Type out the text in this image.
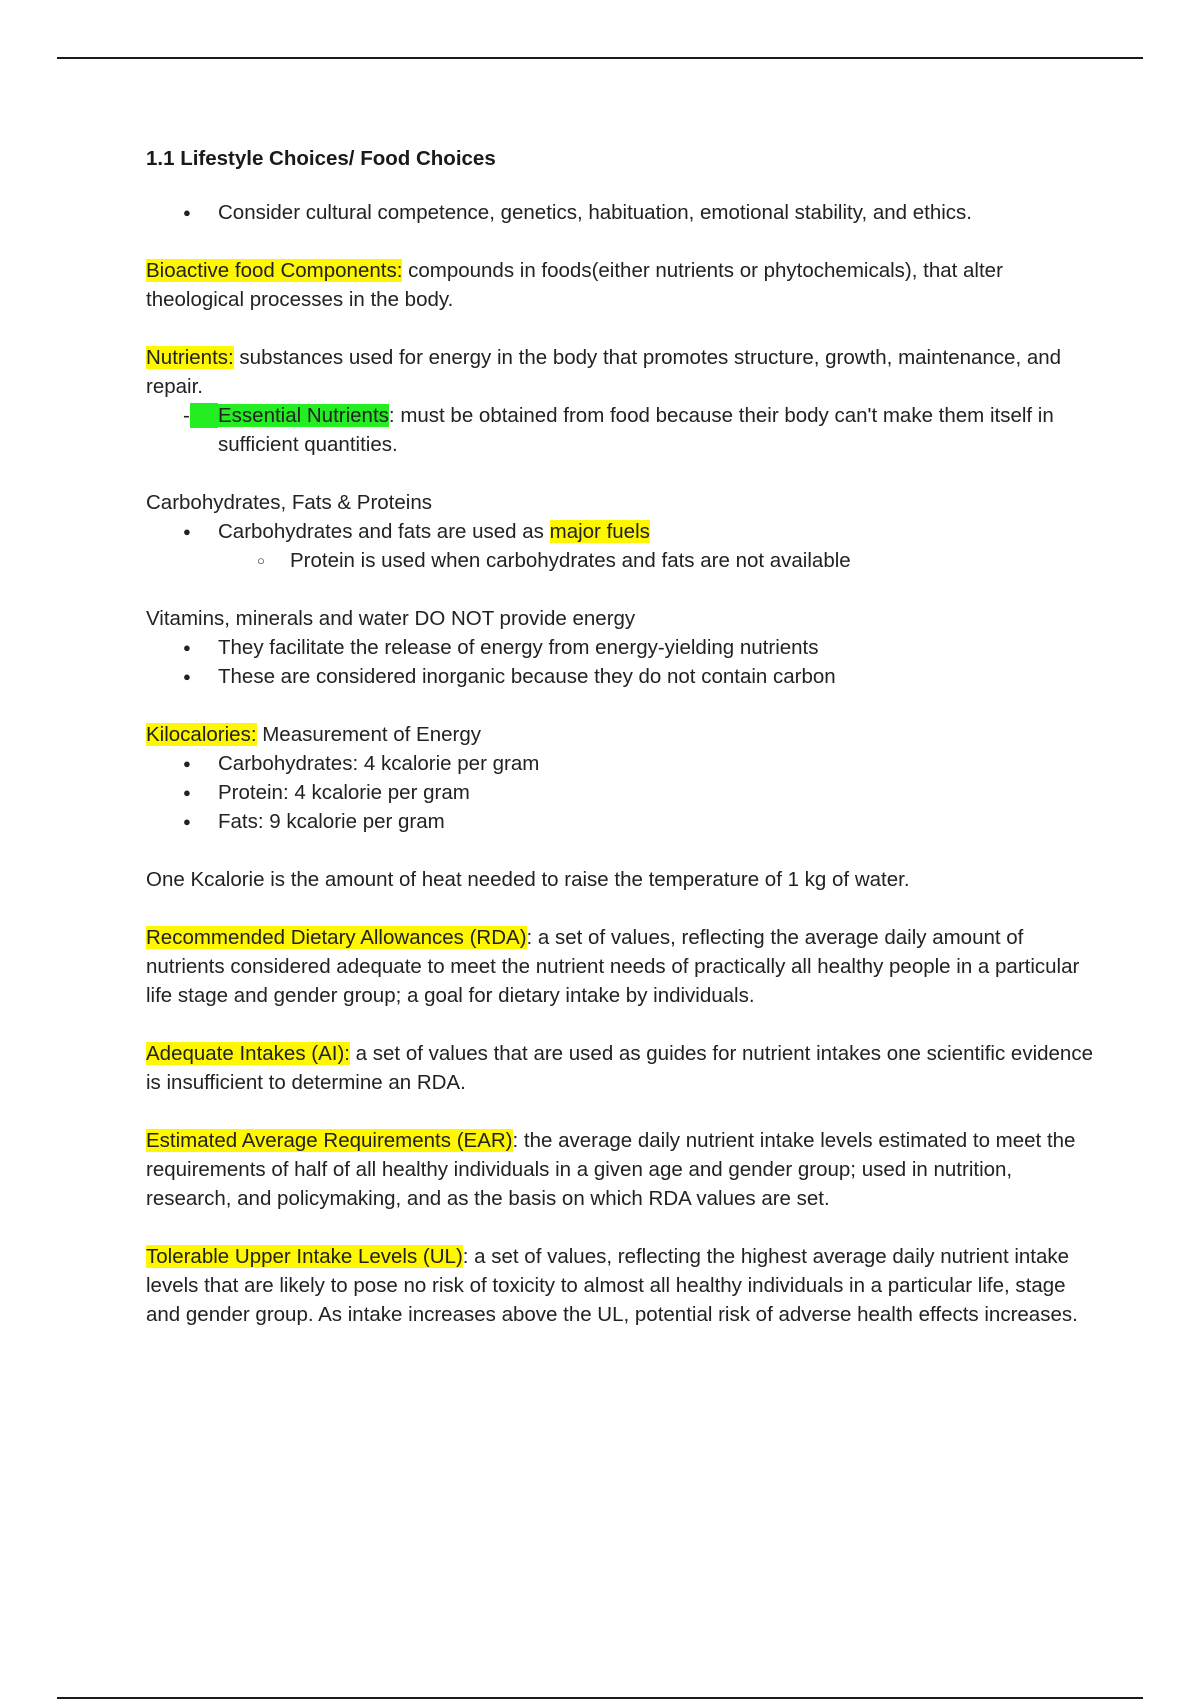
1.1 Lifestyle Choices/ Food Choices
● Consider cultural competence, genetics, habituation, emotional stability, and ethics.

Bioactive food Components: compounds in foods(either nutrients or phytochemicals), that alter theological processes in the body.

Nutrients: substances used for energy in the body that promotes structure, growth, maintenance, and repair.

- Essential Nutrients: must be obtained from food because their body can't make them itself in sufficient quantities.

Carbohydrates, Fats & Proteins

● Carbohydrates and fats are used as major fuels
○ Protein is used when carbohydrates and fats are not available

Vitamins, minerals and water DO NOT provide energy

● They facilitate the release of energy from energy-yielding nutrients
● These are considered inorganic because they do not contain carbon

Kilocalories: Measurement of Energy

● Carbohydrates: 4 kcalorie per gram
● Protein: 4 kcalorie per gram
● Fats: 9 kcalorie per gram

One Kcalorie is the amount of heat needed to raise the temperature of 1 kg of water.

Recommended Dietary Allowances (RDA): a set of values, reflecting the average daily amount of nutrients considered adequate to meet the nutrient needs of practically all healthy people in a particular life stage and gender group; a goal for dietary intake by individuals.

Adequate Intakes (AI): a set of values that are used as guides for nutrient intakes one scientific evidence is insufficient to determine an RDA.

Estimated Average Requirements (EAR): the average daily nutrient intake levels estimated to meet the requirements of half of all healthy individuals in a given age and gender group; used in nutrition, research, and policymaking, and as the basis on which RDA values are set.

Tolerable Upper Intake Levels (UL): a set of values, reflecting the highest average daily nutrient intake levels that are likely to pose no risk of toxicity to almost all healthy individuals in a particular life, stage and gender group. As intake increases above the UL, potential risk of adverse health effects increases.
